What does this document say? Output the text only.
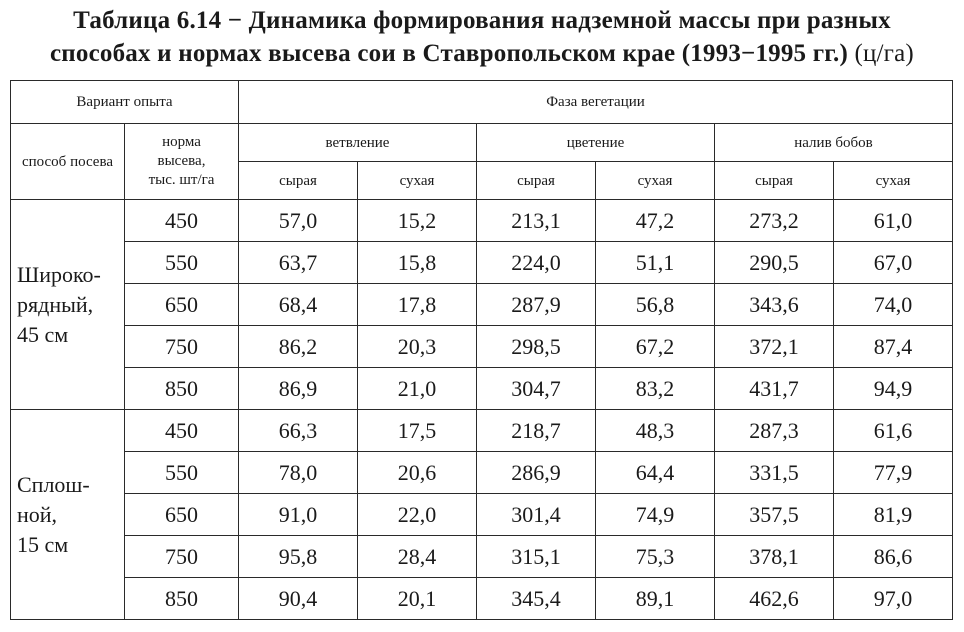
Таблица 6.14 − Динамика формирования надземной массы при разных
способах и нормах высева сои в Ставропольском крае (1993−1995 гг.) (ц/га)
Вариант опыта		Фаза вегетации					
способ посева	норма
высева,
тыс. шт/га	ветвление		цветение		налив бобов	
		сырая	сухая	сырая	сухая	сырая	сухая

Широко-
рядный,
45 см	450	57,0	15,2	213,1	47,2	273,2	61,0
	550	63,7	15,8	224,0	51,1	290,5	67,0
	650	68,4	17,8	287,9	56,8	343,6	74,0
	750	86,2	20,3	298,5	67,2	372,1	87,4
	850	86,9	21,0	304,7	83,2	431,7	94,9

Сплош-
ной,
15 см	450	66,3	17,5	218,7	48,3	287,3	61,6
	550	78,0	20,6	286,9	64,4	331,5	77,9
	650	91,0	22,0	301,4	74,9	357,5	81,9
	750	95,8	28,4	315,1	75,3	378,1	86,6
	850	90,4	20,1	345,4	89,1	462,6	97,0
